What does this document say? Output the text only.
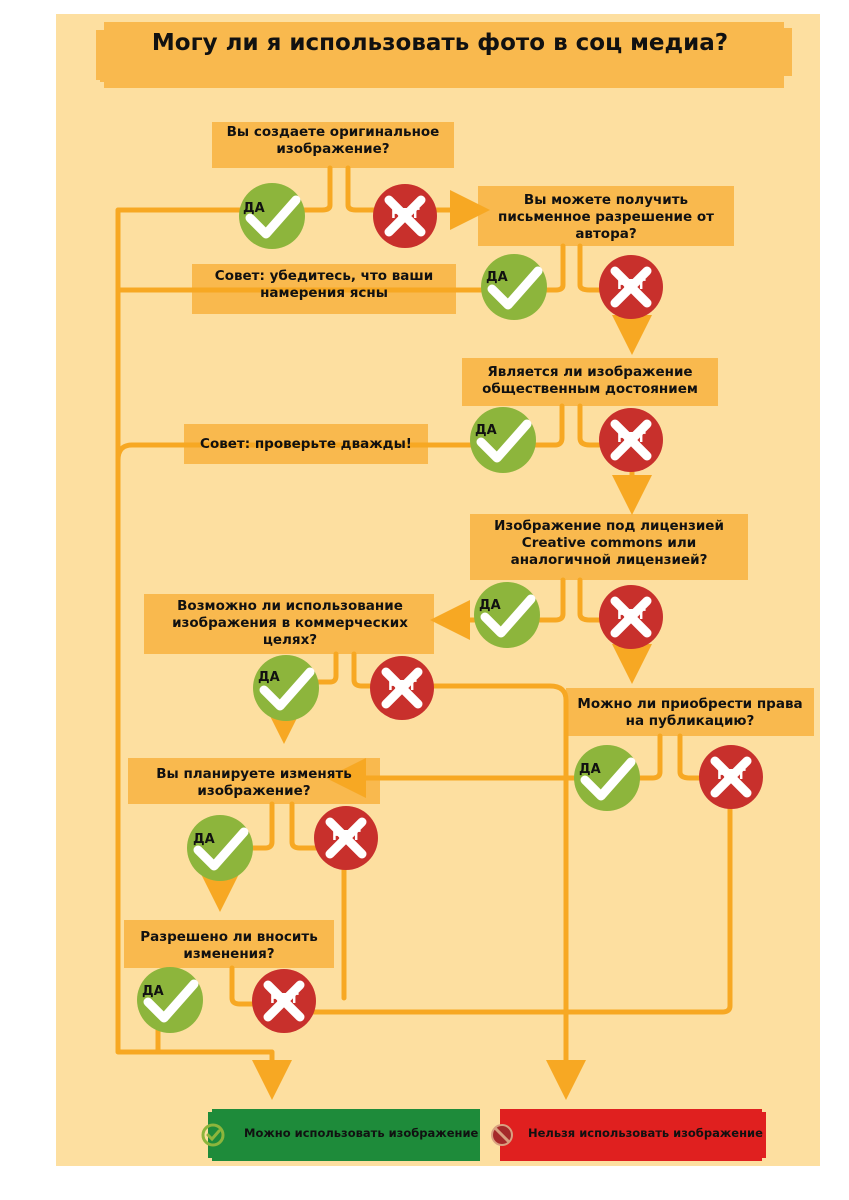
Могу ли я использовать фото в соц медиа?
Вы создаете оригинальное изображение?
Вы можете получить письменное разрешение от автора?
Совет: убедитесь, что ваши намерения ясны
Является ли изображение общественным достоянием
Совет: проверьте дважды!
Изображение под лицензией Creative commons или аналогичной лицензией?
Возможно ли использование изображения в коммерческих целях?
Можно ли приобрести права на публикацию?
Вы планируете изменять изображение?
Разрешено ли вносить изменения?
ДА
ДА
ДА
ДА
ДА
ДА
ДА
ДА
НЕТ
НЕТ
НЕТ
НЕТ
НЕТ
НЕТ
НЕТ
НЕТ
Можно использовать изображение	Нельзя использовать изображение
